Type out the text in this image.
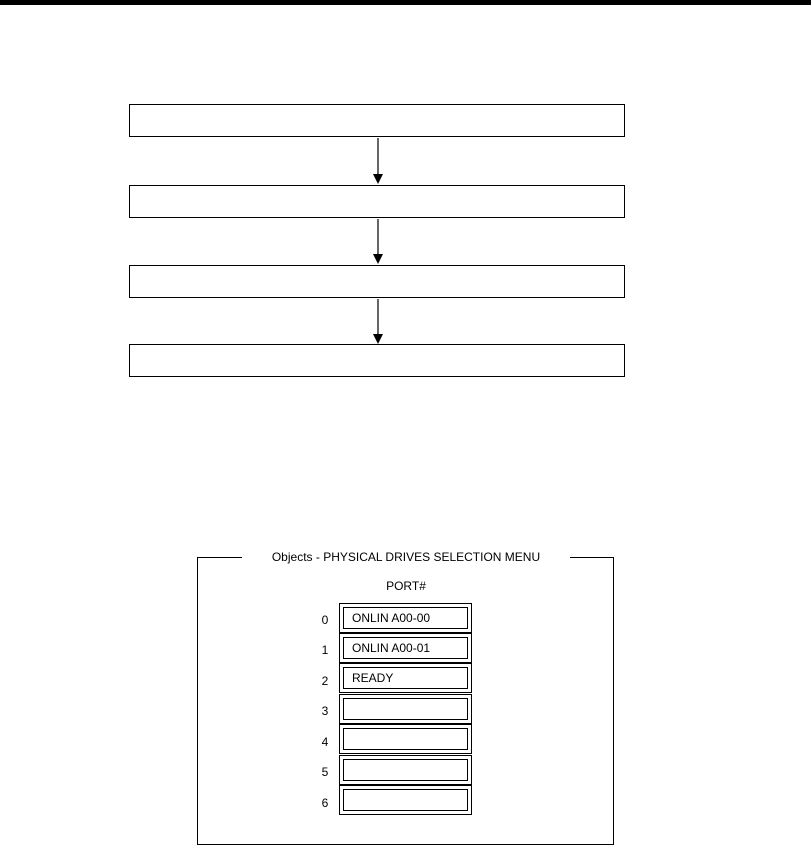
Objects - PHYSICAL DRIVES SELECTION MENU
PORT#
0	ONLIN A00-00
1	ONLIN A00-01
2	READY
3
4
5
6
